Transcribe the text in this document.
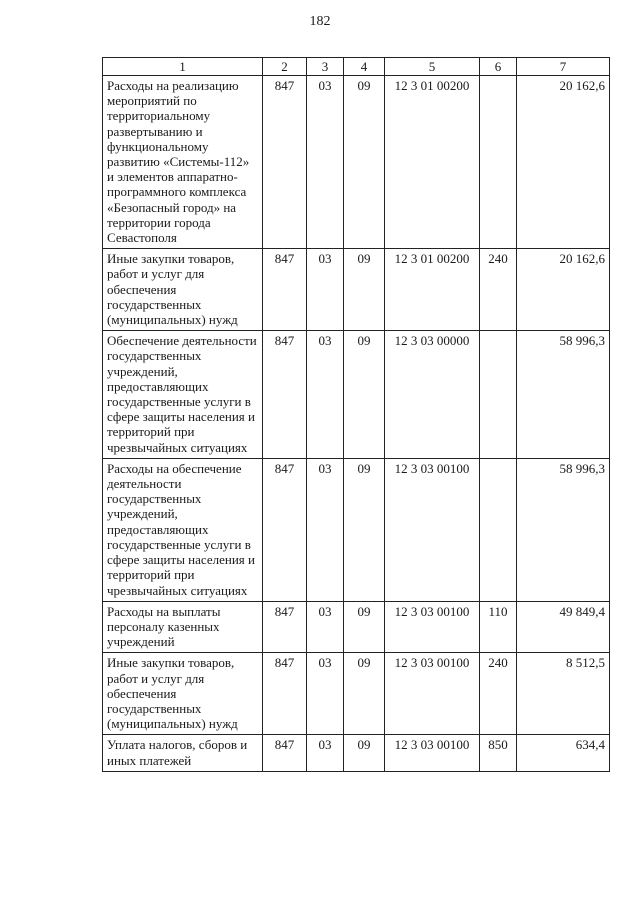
182
1	2	3	4	5	6	7
Расходы на реализацию мероприятий по территориальному развертыванию и функциональному развитию «Системы-112» и элементов аппаратно-программного комплекса «Безопасный город» на территории города Севастополя	847	03	09	12 3 01 00200		20 162,6
Иные закупки товаров, работ и услуг для обеспечения государственных (муниципальных) нужд	847	03	09	12 3 01 00200	240	20 162,6
Обеспечение деятельности государственных учреждений, предоставляющих государственные услуги в сфере защиты населения и территорий при чрезвычайных ситуациях	847	03	09	12 3 03 00000		58 996,3
Расходы на обеспечение деятельности государственных учреждений, предоставляющих государственные услуги в сфере защиты населения и территорий при чрезвычайных ситуациях	847	03	09	12 3 03 00100		58 996,3
Расходы на выплаты персоналу казенных учреждений	847	03	09	12 3 03 00100	110	49 849,4
Иные закупки товаров, работ и услуг для обеспечения государственных (муниципальных) нужд	847	03	09	12 3 03 00100	240	8 512,5
Уплата налогов, сборов и иных платежей	847	03	09	12 3 03 00100	850	634,4
